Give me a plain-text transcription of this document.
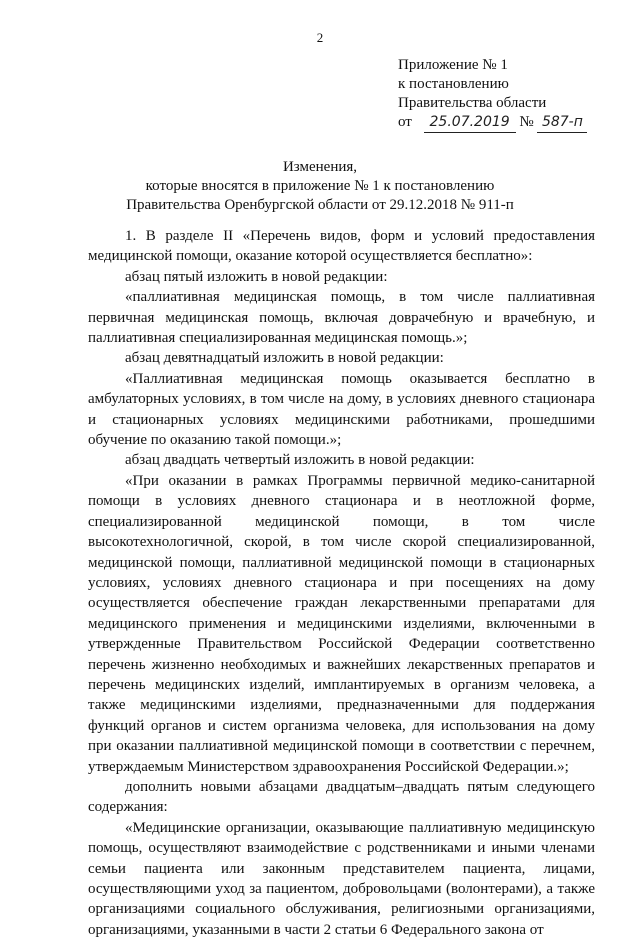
2
Приложение № 1
к постановлению
Правительства области
от 25.07.2019 № 587-п
Изменения,
которые вносятся в приложение № 1 к постановлению
Правительства Оренбургской области от 29.12.2018 № 911-п

1. В разделе II «Перечень видов, форм и условий предоставления медицинской помощи, оказание которой осуществляется бесплатно»:

абзац пятый изложить в новой редакции:

«паллиативная медицинская помощь, в том числе паллиативная первичная медицинская помощь, включая доврачебную и врачебную, и паллиативная специализированная медицинская помощь.»;

абзац девятнадцатый изложить в новой редакции:

«Паллиативная медицинская помощь оказывается бесплатно в амбулаторных условиях, в том числе на дому, в условиях дневного стационара и стационарных условиях медицинскими работниками, прошедшими обучение по оказанию такой помощи.»;

абзац двадцать четвертый изложить в новой редакции:

«При оказании в рамках Программы первичной медико-санитарной помощи в условиях дневного стационара и в неотложной форме, специализированной медицинской помощи, в том числе высокотехнологичной, скорой, в том числе скорой специализированной, медицинской помощи, паллиативной медицинской помощи в стационарных условиях, условиях дневного стационара и при посещениях на дому осуществляется обеспечение граждан лекарственными препаратами для медицинского применения и медицинскими изделиями, включенными в утвержденные Правительством Российской Федерации соответственно перечень жизненно необходимых и важнейших лекарственных препаратов и перечень медицинских изделий, имплантируемых в организм человека, а также медицинскими изделиями, предназначенными для поддержания функций органов и систем организма человека, для использования на дому при оказании паллиативной медицинской помощи в соответствии с перечнем, утверждаемым Министерством здравоохранения Российской Федерации.»;

дополнить новыми абзацами двадцатым–двадцать пятым следующего содержания:

«Медицинские организации, оказывающие паллиативную медицинскую помощь, осуществляют взаимодействие с родственниками и иными членами семьи пациента или законным представителем пациента, лицами, осуществляющими уход за пациентом, добровольцами (волонтерами), а также организациями социального обслуживания, религиозными организациями, организациями, указанными в части 2 статьи 6 Федерального закона от
